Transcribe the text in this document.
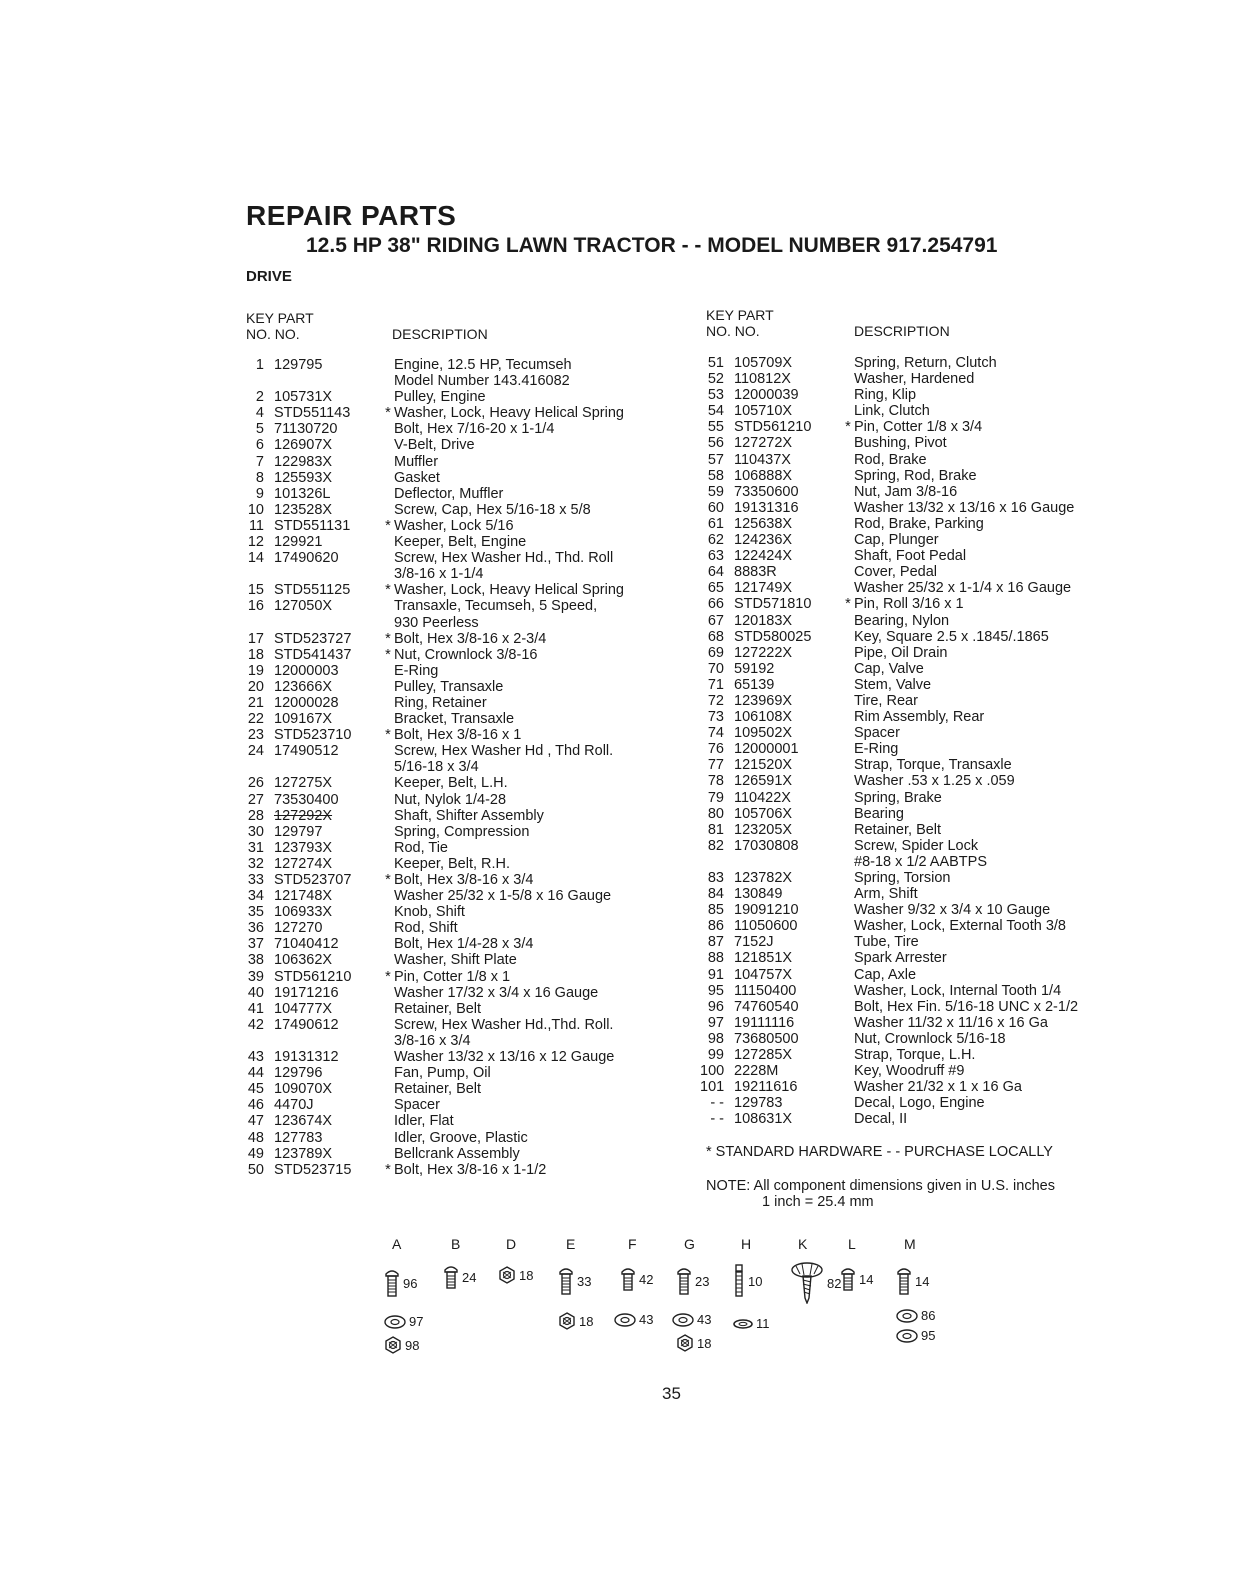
REPAIR PARTS
12.5 HP 38" RIDING LAWN TRACTOR - - MODEL NUMBER 917.254791
DRIVE
KEY PART
NO. NO.	DESCRIPTION
KEY PART
NO. NO.	DESCRIPTION
1 129795	Engine, 12.5 HP, Tecumseh
Model Number 143.416082
2 105731X	Pulley, Engine
4 STD551143 * Washer, Lock, Heavy Helical Spring
5 71130720	Bolt, Hex 7/16-20 x 1-1/4
6 126907X	V-Belt, Drive
7 122983X	Muffler
8 125593X	Gasket
9 101326L	Deflector, Muffler
10 123528X	Screw, Cap, Hex 5/16-18 x 5/8
11 STD551131 * Washer, Lock 5/16
12 129921	Keeper, Belt, Engine
14 17490620	Screw, Hex Washer Hd., Thd. Roll
3/8-16 x 1-1/4
15 STD551125 * Washer, Lock, Heavy Helical Spring
16 127050X	Transaxle, Tecumseh, 5 Speed,
930 Peerless
17 STD523727 * Bolt, Hex 3/8-16 x 2-3/4
18 STD541437 * Nut, Crownlock 3/8-16
19 12000003	E-Ring
20 123666X	Pulley, Transaxle
21 12000028	Ring, Retainer
22 109167X	Bracket, Transaxle
23 STD523710 * Bolt, Hex 3/8-16 x 1
24 17490512	Screw, Hex Washer Hd , Thd Roll.
5/16-18 x 3/4
26 127275X	Keeper, Belt, L.H.
27 73530400	Nut, Nylok 1/4-28
28 127292X	Shaft, Shifter Assembly
30 129797	Spring, Compression
31 123793X	Rod, Tie
32 127274X	Keeper, Belt, R.H.
33 STD523707 * Bolt, Hex 3/8-16 x 3/4
34 121748X	Washer 25/32 x 1-5/8 x 16 Gauge
35 106933X	Knob, Shift
36 127270	Rod, Shift
37 71040412	Bolt, Hex 1/4-28 x 3/4
38 106362X	Washer, Shift Plate
39 STD561210 * Pin, Cotter 1/8 x 1
40 19171216	Washer 17/32 x 3/4 x 16 Gauge
41 104777X	Retainer, Belt
42 17490612	Screw, Hex Washer Hd.,Thd. Roll.
3/8-16 x 3/4
43 19131312	Washer 13/32 x 13/16 x 12 Gauge
44 129796	Fan, Pump, Oil
45 109070X	Retainer, Belt
46 4470J	Spacer
47 123674X	Idler, Flat
48 127783	Idler, Groove, Plastic
49 123789X	Bellcrank Assembly
50 STD523715 * Bolt, Hex 3/8-16 x 1-1/2
51 105709X	Spring, Return, Clutch
52 110812X	Washer, Hardened
53 12000039	Ring, Klip
54 105710X	Link, Clutch
55 STD561210 * Pin, Cotter 1/8 x 3/4
56 127272X	Bushing, Pivot
57 110437X	Rod, Brake
58 106888X	Spring, Rod, Brake
59 73350600	Nut, Jam 3/8-16
60 19131316	Washer 13/32 x 13/16 x 16 Gauge
61 125638X	Rod, Brake, Parking
62 124236X	Cap, Plunger
63 122424X	Shaft, Foot Pedal
64 8883R	Cover, Pedal
65 121749X	Washer 25/32 x 1-1/4 x 16 Gauge
66 STD571810 * Pin, Roll 3/16 x 1
67 120183X	Bearing, Nylon
68 STD580025	Key, Square 2.5 x .1845/.1865
69 127222X	Pipe, Oil Drain
70 59192	Cap, Valve
71 65139	Stem, Valve
72 123969X	Tire, Rear
73 106108X	Rim Assembly, Rear
74 109502X	Spacer
76 12000001	E-Ring
77 121520X	Strap, Torque, Transaxle
78 126591X	Washer .53 x 1.25 x .059
79 110422X	Spring, Brake
80 105706X	Bearing
81 123205X	Retainer, Belt
82 17030808	Screw, Spider Lock
#8-18 x 1/2 AABTPS
83 123782X	Spring, Torsion
84 130849	Arm, Shift
85 19091210	Washer 9/32 x 3/4 x 10 Gauge
86 11050600	Washer, Lock, External Tooth 3/8
87 7152J	Tube, Tire
88 121851X	Spark Arrester
91 104757X	Cap, Axle
95 11150400	Washer, Lock, Internal Tooth 1/4
96 74760540	Bolt, Hex Fin. 5/16-18 UNC x 2-1/2
97 19111116	Washer 11/32 x 11/16 x 16 Ga
98 73680500	Nut, Crownlock 5/16-18
99 127285X	Strap, Torque, L.H.
100 2228M	Key, Woodruff #9
101 19211616	Washer 21/32 x 1 x 16 Ga
- - 129783	Decal, Logo, Engine
- - 108631X	Decal, II
* STANDARD HARDWARE - - PURCHASE LOCALLY
NOTE: All component dimensions given in U.S. inches
1 inch = 25.4 mm
A
96
97
98
B
24
D
18
E
33
18
F
42
43
G
23
43
18
H
10
11
K
82
L
14
M
14
86
95
35
